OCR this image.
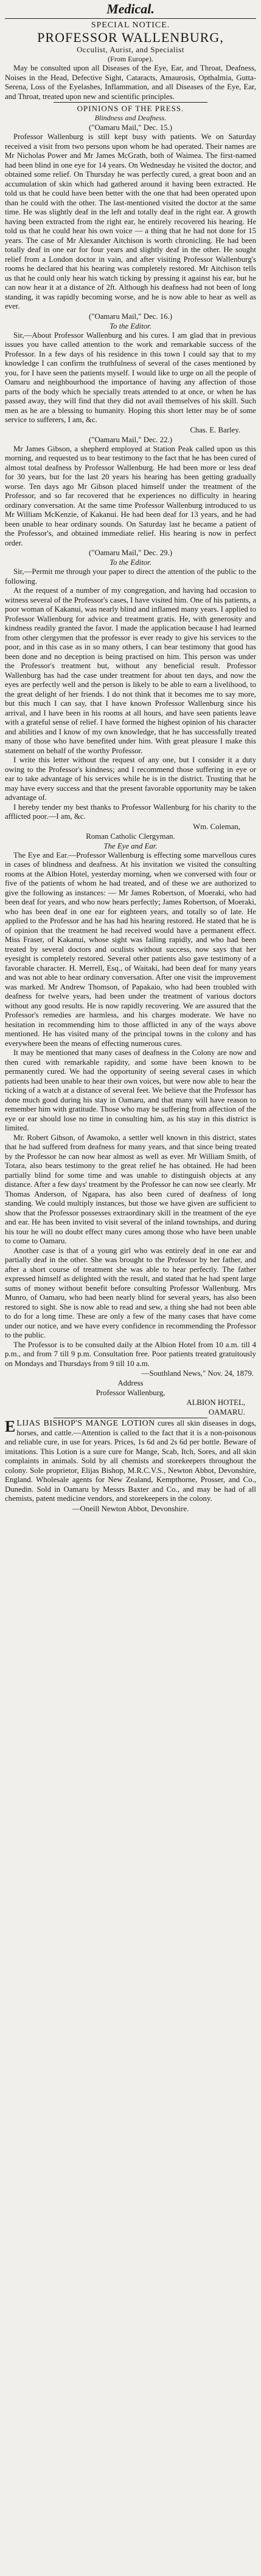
Medical.
SPECIAL NOTICE.
PROFESSOR WALLENBURG,
Occulist, Aurist, and Specialist
(From Europe).

May be consulted upon all Diseases of the Eye, Ear, and Throat, Deafness, Noises in the Head, Defective Sight, Cataracts, Amaurosis, Opthalmia, Gutta-Serena, Loss of the Eyelashes, Inflammation, and all Diseases of the Eye, Ear, and Throat, treated upon new and scientific principles.

OPINIONS OF THE PRESS.
Blindness and Deafness.
("Oamaru Mail," Dec. 15.)

Professor Wallenburg is still kept busy with patients. We on Saturday received a visit from two persons upon whom he had operated. Their names are Mr Nicholas Power and Mr James McGrath, both of Waimea. The first-named had been blind in one eye for 14 years. On Wednesday he visited the doctor, and obtained some relief. On Thursday he was perfectly cured, a great boon and an accumulation of skin which had gathered around it having been extracted. He told us that he could have been better with the one that had been operated upon than he could with the other. The last-mentioned visited the doctor at the same time. He was slightly deaf in the left and totally deaf in the right ear. A growth having been extracted from the right ear, he entirely recovered his hearing. He told us that he could hear his own voice — a thing that he had not done for 15 years. The case of Mr Alexander Aitchison is worth chronicling. He had been totally deaf in one ear for four years and slightly deaf in the other. He sought relief from a London doctor in vain, and after visiting Professor Wallenburg's rooms he declared that his hearing was completely restored. Mr Aitchison tells us that he could only hear his watch ticking by pressing it against his ear, but he can now hear it at a distance of 2ft. Although his deafness had not been of long standing, it was rapidly becoming worse, and he is now able to hear as well as ever.

("Oamaru Mail," Dec. 16.)
To the Editor.

Sir,—About Professor Wallenburg and his cures. I am glad that in previous issues you have called attention to the work and remarkable success of the Professor. In a few days of his residence in this town I could say that to my knowledge I can confirm the truthfulness of several of the cases mentioned by you, for I have seen the patients myself. I would like to urge on all the people of Oamaru and neighbourhood the importance of having any affection of those parts of the body which he specially treats attended to at once, or when he has passed away, they will find that they did not avail themselves of his skill. Such men as he are a blessing to humanity. Hoping this short letter may be of some service to sufferers, I am, &c.

Chas. E. Barley.
("Oamaru Mail," Dec. 22.)

Mr James Gibson, a shepherd employed at Station Peak called upon us this morning, and requested us to bear testimony to the fact that he has been cured of almost total deafness by Professor Wallenburg. He had been more or less deaf for 30 years, but for the last 20 years his hearing has been getting gradually worse. Ten days ago Mr Gibson placed himself under the treatment of the Professor, and so far recovered that he experiences no difficulty in hearing ordinary conversation. At the same time Professor Wallenburg introduced to us Mr William McKenzie, of Kakanui. He had been deaf for 13 years, and he had been unable to hear ordinary sounds. On Saturday last he became a patient of the Professor's, and obtained immediate relief. His hearing is now in perfect order.

("Oamaru Mail," Dec. 29.)
To the Editor.

Sir,—Permit me through your paper to direct the attention of the public to the following.

At the request of a number of my congregation, and having had occasion to witness several of the Professor's cases, I have visited him. One of his patients, a poor woman of Kakanui, was nearly blind and inflamed many years. I applied to Professor Wallenburg for advice and treatment gratis. He, with generosity and kindness readily granted the favor. I made the application because I had learned from other clergymen that the professor is ever ready to give his services to the poor, and in this case as in so many others, I can bear testimony that good has been done and no deception is being practised on him. This person was under the Professor's treatment but, without any beneficial result. Professor Wallenburg has had the case under treatment for about ten days, and now the eyes are perfectly well and the person is likely to be able to earn a livelihood, to the great delight of her friends. I do not think that it becomes me to say more, but this much I can say, that I have known Professor Wallenburg since his arrival, and I have been in his rooms at all hours, and have seen patients leave with a grateful sense of relief. I have formed the highest opinion of his character and abilities and I know of my own knowledge, that he has successfully treated many of those who have benefited under him. With great pleasure I make this statement on behalf of the worthy Professor.

I write this letter without the request of any one, but I consider it a duty owing to the Professor's kindness; and I recommend those suffering in eye or ear to take advantage of his services while he is in the district. Trusting that he may have every success and that the present favorable opportunity may be taken advantage of.

I hereby tender my best thanks to Professor Wallenburg for his charity to the afflicted poor.—I am, &c.

Wm. Coleman,
Roman Catholic Clergyman.
The Eye and Ear.

The Eye and Ear.—Professor Wallenburg is effecting some marvellous cures in cases of blindness and deafness. At his invitation we visited the consulting rooms at the Albion Hotel, yesterday morning, when we conversed with four or five of the patients of whom he had treated, and of these we are authorized to give the following as instances: — Mr James Robertson, of Moeraki, who had been deaf for years, and who now hears perfectly; James Robertson, of Moeraki, who has been deaf in one ear for eighteen years, and totally so of late. He applied to the Professor and he has had his hearing restored. He stated that he is of opinion that the treatment he had received would have a permanent effect. Miss Fraser, of Kakanui, whose sight was failing rapidly, and who had been treated by several doctors and oculists without success, now says that her eyesight is completely restored. Several other patients also gave testimony of a favorable character. H. Merrell, Esq., of Waitaki, had been deaf for many years and was not able to hear ordinary conversation. After one visit the improvement was marked. Mr Andrew Thomson, of Papakaio, who had been troubled with deafness for twelve years, had been under the treatment of various doctors without any good results. He is now rapidly recovering. We are assured that the Professor's remedies are harmless, and his charges moderate. We have no hesitation in recommending him to those afflicted in any of the ways above mentioned. He has visited many of the principal towns in the colony and has everywhere been the means of effecting numerous cures.

It may be mentioned that many cases of deafness in the Colony are now and then cured with remarkable rapidity, and some have been known to be permanently cured. We had the opportunity of seeing several cases in which patients had been unable to hear their own voices, but were now able to hear the ticking of a watch at a distance of several feet. We believe that the Professor has done much good during his stay in Oamaru, and that many will have reason to remember him with gratitude. Those who may be suffering from affection of the eye or ear should lose no time in consulting him, as his stay in this district is limited.

Mr. Robert Gibson, of Awamoko, a settler well known in this district, states that he had suffered from deafness for many years, and that since being treated by the Professor he can now hear almost as well as ever. Mr William Smith, of Totara, also bears testimony to the great relief he has obtained. He had been partially blind for some time and was unable to distinguish objects at any distance. After a few days' treatment by the Professor he can now see clearly. Mr Thomas Anderson, of Ngapara, has also been cured of deafness of long standing. We could multiply instances, but those we have given are sufficient to show that the Professor possesses extraordinary skill in the treatment of the eye and ear. He has been invited to visit several of the inland townships, and during his tour he will no doubt effect many cures among those who have been unable to come to Oamaru.

Another case is that of a young girl who was entirely deaf in one ear and partially deaf in the other. She was brought to the Professor by her father, and after a short course of treatment she was able to hear perfectly. The father expressed himself as delighted with the result, and stated that he had spent large sums of money without benefit before consulting Professor Wallenburg. Mrs Munro, of Oamaru, who had been nearly blind for several years, has also been restored to sight. She is now able to read and sew, a thing she had not been able to do for a long time. These are only a few of the many cases that have come under our notice, and we have every confidence in recommending the Professor to the public.

The Professor is to be consulted daily at the Albion Hotel from 10 a.m. till 4 p.m., and from 7 till 9 p.m. Consultation free. Poor patients treated gratuitously on Mondays and Thursdays from 9 till 10 a.m.

—Southland News," Nov. 24, 1879.
Address
Professor Wallenburg,
ALBION HOTEL,
OAMARU.
E LIJAS BISHOP'S MANGE LOTION cures all skin diseases in dogs, horses, and cattle.—Attention is called to the fact that it is a non-poisonous and reliable cure, in use for years. Prices, 1s 6d and 2s 6d per bottle. Beware of imitations. This Lotion is a sure cure for Mange, Scab, Itch, Sores, and all skin complaints in animals. Sold by all chemists and storekeepers throughout the colony. Sole proprietor, Elijas Bishop, M.R.C.V.S., Newton Abbot, Devonshire, England. Wholesale agents for New Zealand, Kempthorne, Prosser, and Co., Dunedin. Sold in Oamaru by Messrs Baxter and Co., and may be had of all chemists, patent medicine vendors, and storekeepers in the colony.
—Oneill Newton Abbot, Devonshire.
